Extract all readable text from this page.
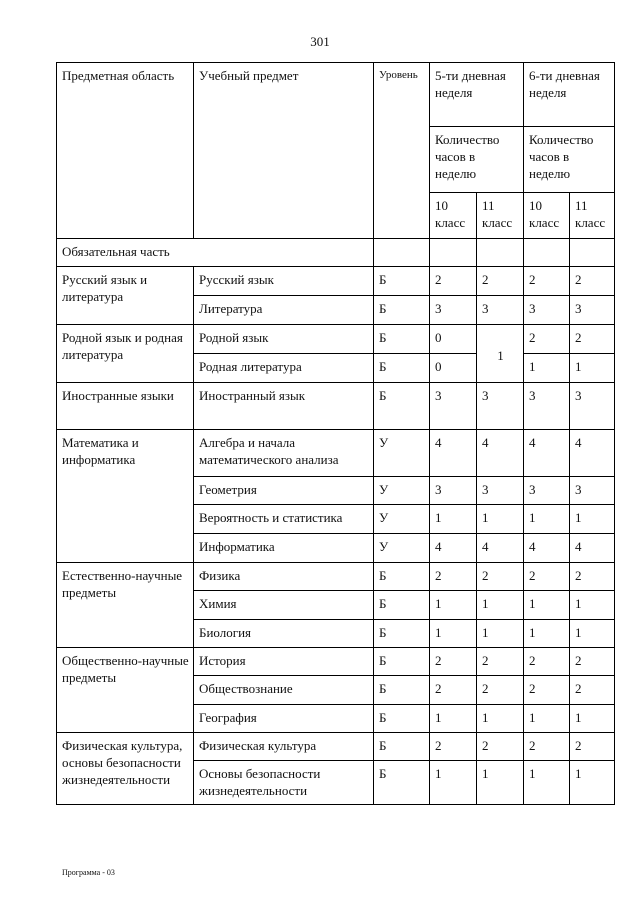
301
Предметная область	Учебный предмет	Уровень	5-ти дневная неделя		6-ти дневная неделя	
			Количество часов в неделю		Количество часов в неделю	
			10 класс	11 класс	10 класс	11 класс
Обязательная часть						
Русский язык и литература	Русский язык	Б	2	2	2	2
	Литература	Б	3	3	3	3
Родной язык и родная литература	Родной язык	Б	0	1	2	2
	Родная литература	Б	0		1	1
Иностранные языки	Иностранный язык	Б	3	3	3	3
Математика и информатика	Алгебра и начала математического анализа	У	4	4	4	4
	Геометрия	У	3	3	3	3
	Вероятность и статистика	У	1	1	1	1
	Информатика	У	4	4	4	4
Естественно-научные предметы	Физика	Б	2	2	2	2
	Химия	Б	1	1	1	1
	Биология	Б	1	1	1	1
Общественно-научные предметы	История	Б	2	2	2	2
	Обществознание	Б	2	2	2	2
	География	Б	1	1	1	1
Физическая культура, основы безопасности жизнедеятельности	Физическая культура	Б	2	2	2	2
	Основы безопасности жизнедеятельности	Б	1	1	1	1
Программа - 03
